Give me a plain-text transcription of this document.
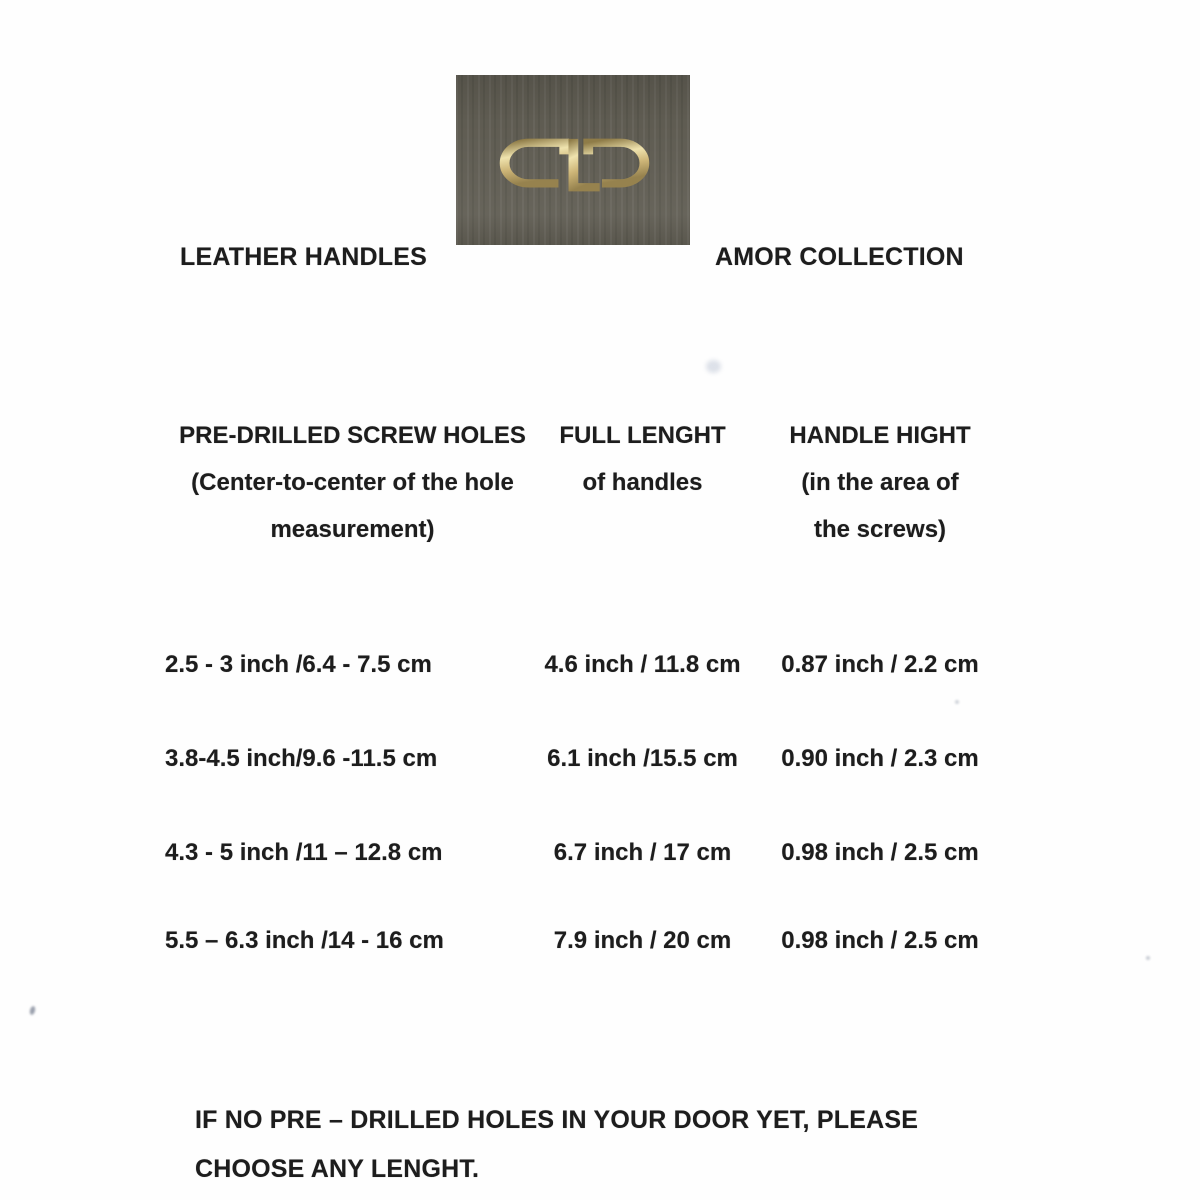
LEATHER HANDLES	AMOR COLLECTION
PRE-DRILLED SCREW HOLES
(Center-to-center of the hole
measurement)
FULL LENGHT
of handles
HANDLE HIGHT
(in the area of
the screws)
2.5 - 3 inch /6.4 - 7.5 cm	4.6 inch / 11.8 cm	0.87 inch / 2.2 cm
3.8-4.5 inch/9.6 -11.5 cm	6.1 inch /15.5 cm	0.90 inch / 2.3 cm
4.3 - 5 inch /11 – 12.8 cm	6.7 inch / 17 cm	0.98 inch / 2.5 cm
5.5 – 6.3 inch /14 - 16 cm	7.9 inch / 20 cm	0.98 inch / 2.5 cm
IF NO PRE – DRILLED HOLES IN YOUR DOOR YET, PLEASE
CHOOSE ANY LENGHT.
